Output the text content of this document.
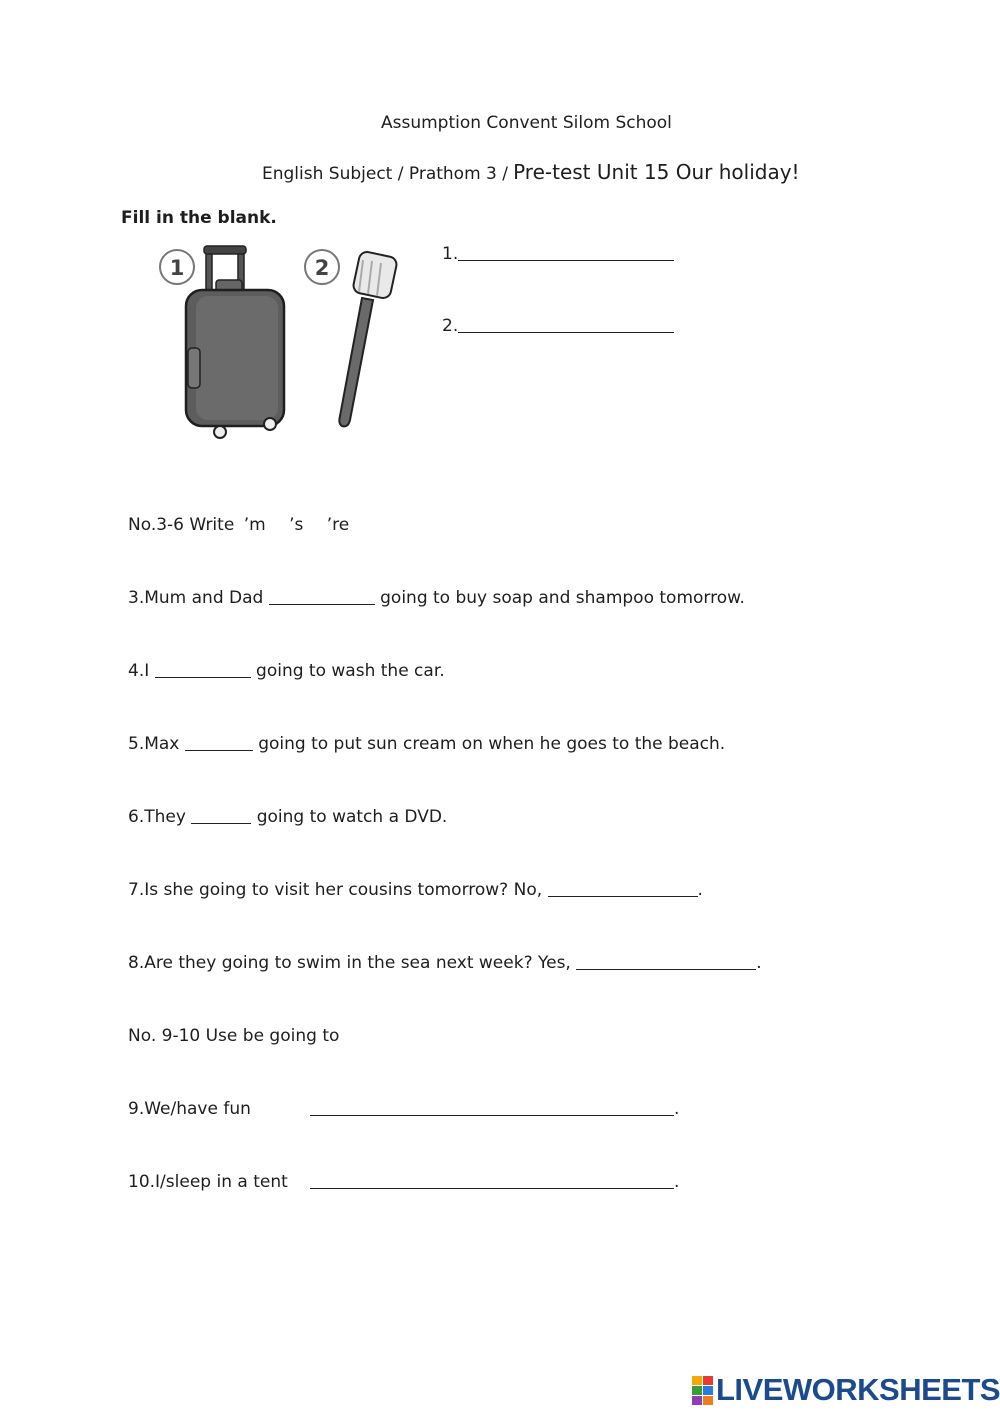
Assumption Convent Silom School
English Subject / Prathom 3 / Pre-test Unit 15 Our holiday!
Fill in the blank.
1	2
1.
2.
No.3-6 Write ’m ’s ’re
3.Mum and Dad	going to buy soap and shampoo tomorrow.
4.I	going to wash the car.
5.Max	going to put sun cream on when he goes to the beach.
6.They	going to watch a DVD.
7.Is she going to visit her cousins tomorrow? No,	.
8.Are they going to swim in the sea next week? Yes,	.
No. 9-10 Use be going to
9.We/have fun	.
10.I/sleep in a tent	.
LIVEWORKSHEETS
